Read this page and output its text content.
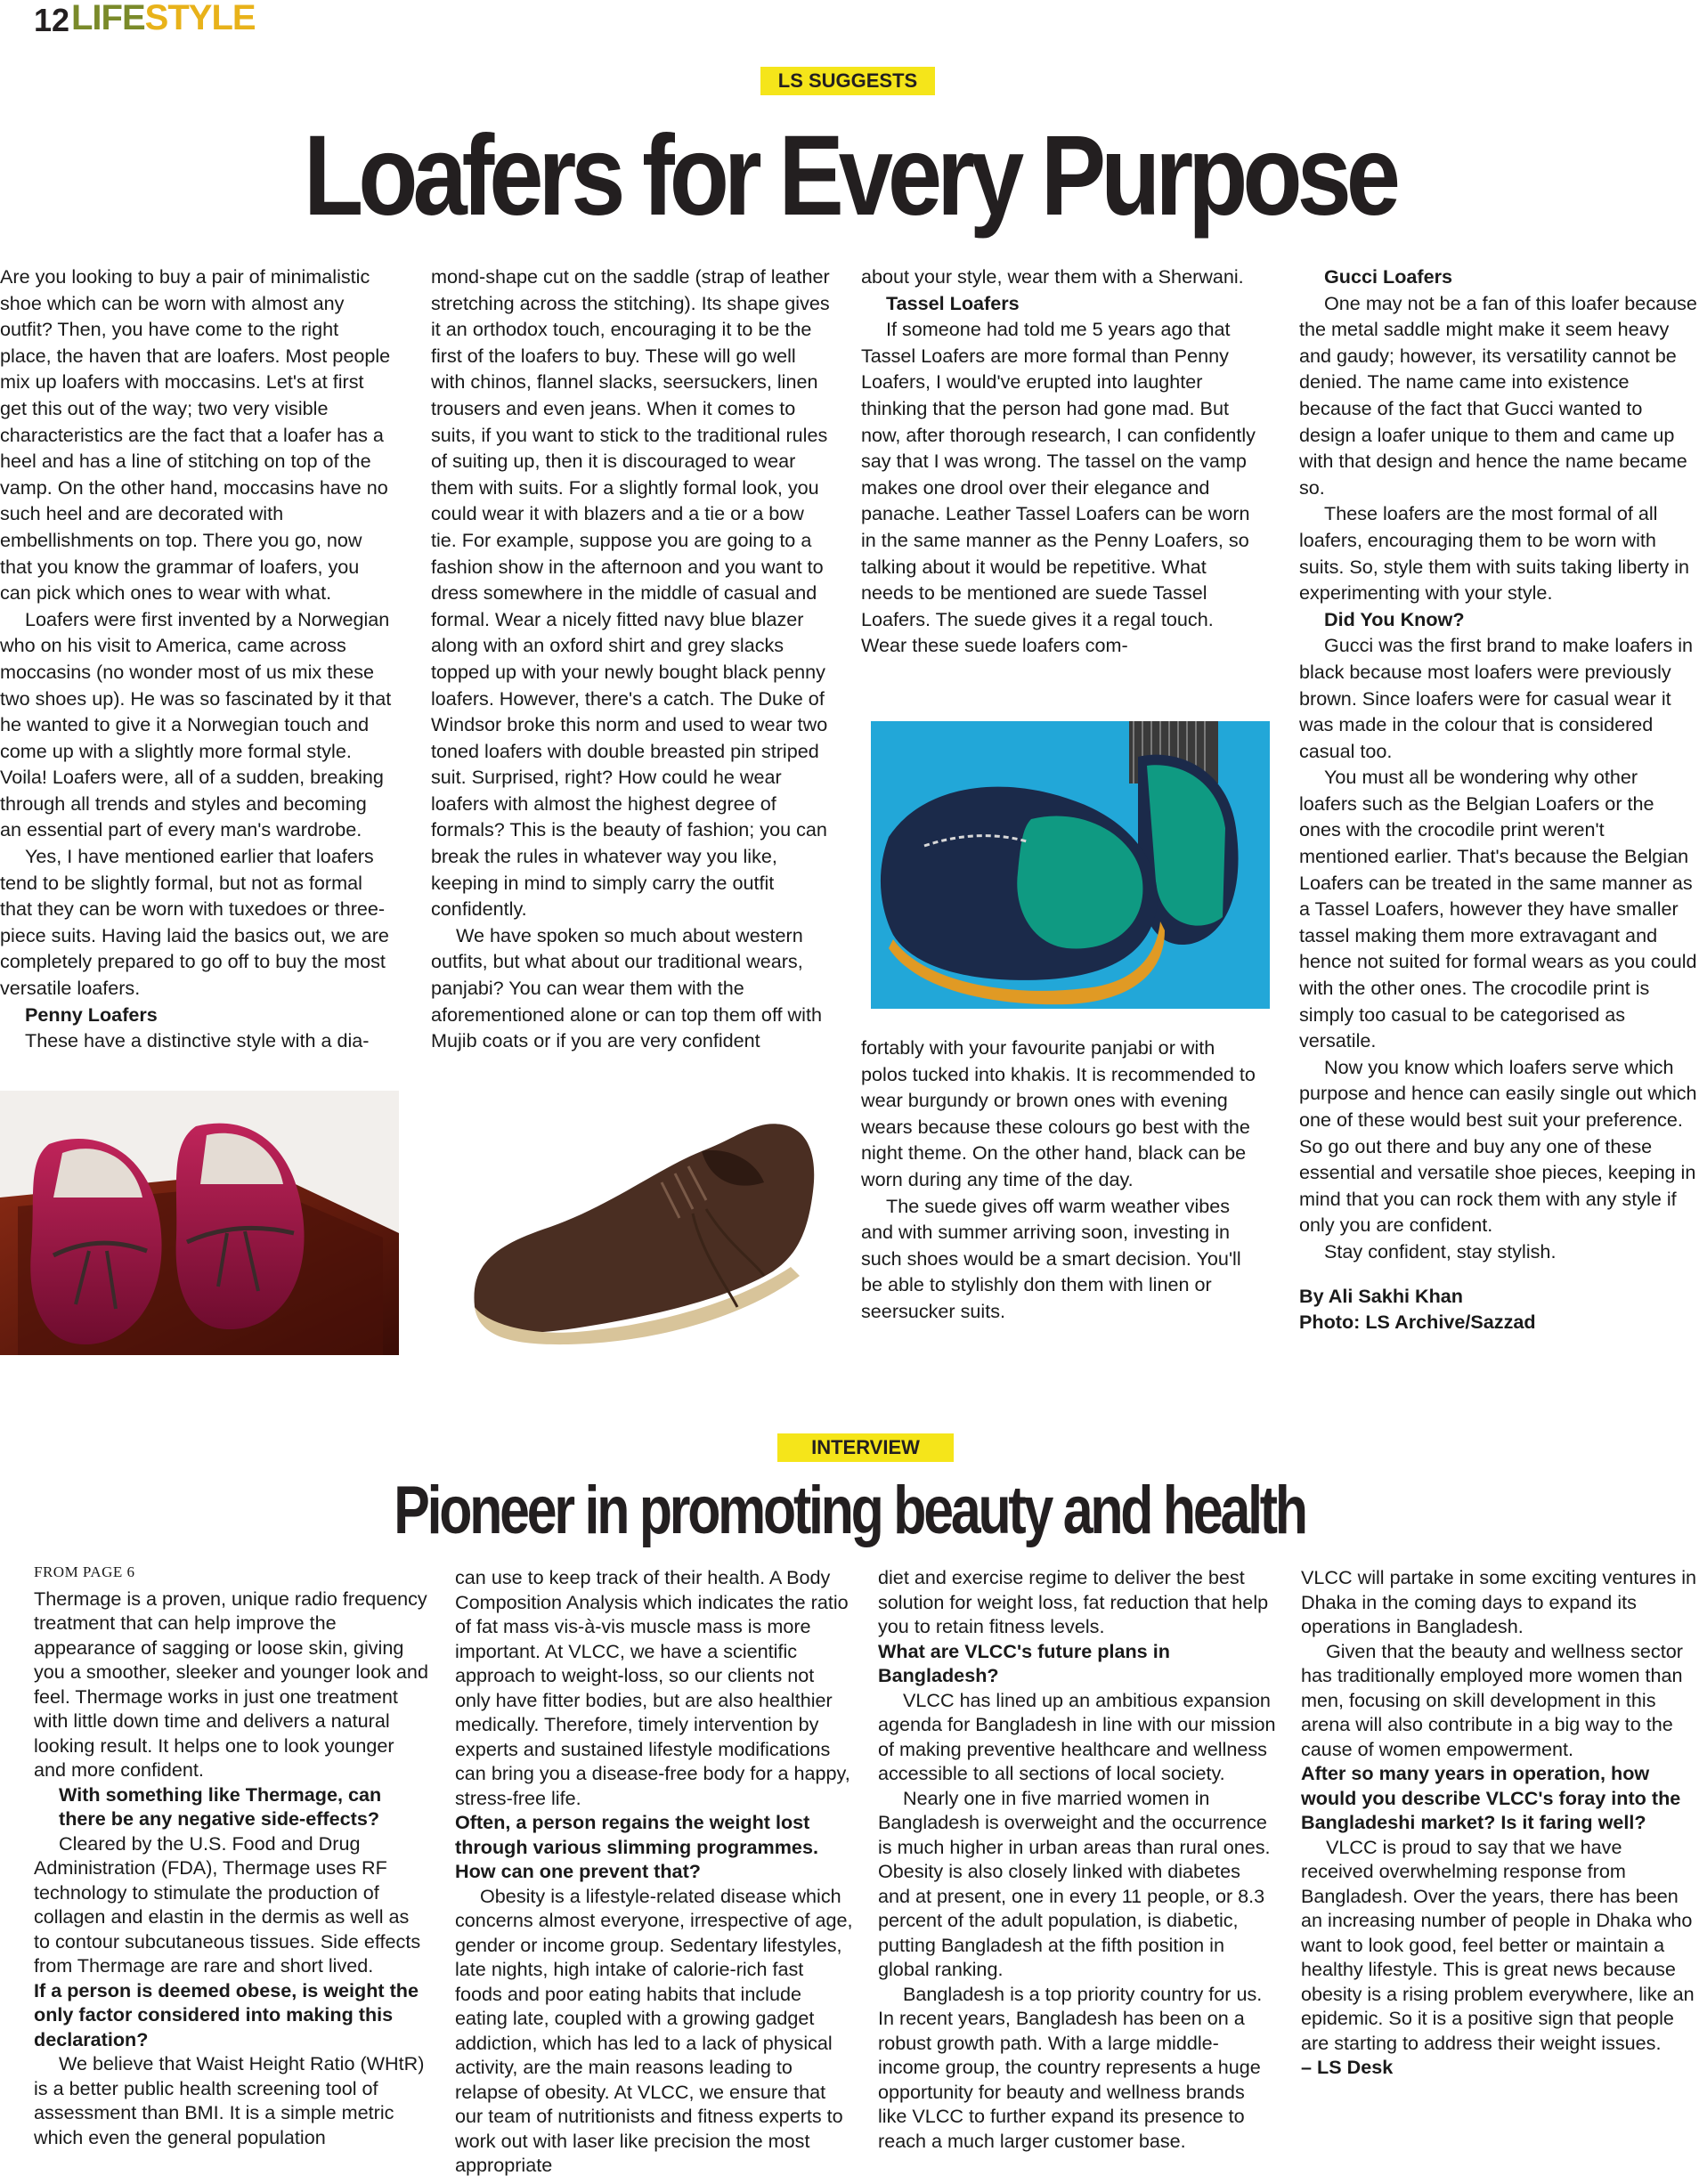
12 LIFESTYLE
LS SUGGESTS
Loafers for Every Purpose

Are you looking to buy a pair of minimalistic shoe which can be worn with almost any outfit? Then, you have come to the right place, the haven that are loafers. Most people mix up loafers with moccasins. Let's at first get this out of the way; two very visible characteristics are the fact that a loafer has a heel and has a line of stitching on top of the vamp. On the other hand, moccasins have no such heel and are decorated with embellishments on top. There you go, now that you know the grammar of loafers, you can pick which ones to wear with what.

Loafers were first invented by a Norwegian who on his visit to America, came across moccasins (no wonder most of us mix these two shoes up). He was so fascinated by it that he wanted to give it a Norwegian touch and come up with a slightly more formal style. Voila! Loafers were, all of a sudden, breaking through all trends and styles and becoming an essential part of every man's wardrobe.

Yes, I have mentioned earlier that loafers tend to be slightly formal, but not as formal that they can be worn with tuxedoes or three-piece suits. Having laid the basics out, we are completely prepared to go off to buy the most versatile loafers.

Penny Loafers

These have a distinctive style with a dia-

mond-shape cut on the saddle (strap of leather stretching across the stitching). Its shape gives it an orthodox touch, encouraging it to be the first of the loafers to buy. These will go well with chinos, flannel slacks, seersuckers, linen trousers and even jeans. When it comes to suits, if you want to stick to the traditional rules of suiting up, then it is discouraged to wear them with suits. For a slightly formal look, you could wear it with blazers and a tie or a bow tie. For example, suppose you are going to a fashion show in the afternoon and you want to dress somewhere in the middle of casual and formal. Wear a nicely fitted navy blue blazer along with an oxford shirt and grey slacks topped up with your newly bought black penny loafers. However, there's a catch. The Duke of Windsor broke this norm and used to wear two toned loafers with double breasted pin striped suit. Surprised, right? How could he wear loafers with almost the highest degree of formals? This is the beauty of fashion; you can break the rules in whatever way you like, keeping in mind to simply carry the outfit confidently.

We have spoken so much about western outfits, but what about our traditional wears, panjabi? You can wear them with the aforementioned alone or can top them off with Mujib coats or if you are very confident

about your style, wear them with a Sherwani.

Tassel Loafers

If someone had told me 5 years ago that Tassel Loafers are more formal than Penny Loafers, I would've erupted into laughter thinking that the person had gone mad. But now, after thorough research, I can confidently say that I was wrong. The tassel on the vamp makes one drool over their elegance and panache. Leather Tassel Loafers can be worn in the same manner as the Penny Loafers, so talking about it would be repetitive. What needs to be mentioned are suede Tassel Loafers. The suede gives it a regal touch. Wear these suede loafers com-

fortably with your favourite panjabi or with polos tucked into khakis. It is recommended to wear burgundy or brown ones with evening wears because these colours go best with the night theme. On the other hand, black can be worn during any time of the day.

The suede gives off warm weather vibes and with summer arriving soon, investing in such shoes would be a smart decision. You'll be able to stylishly don them with linen or seersucker suits.

Gucci Loafers

One may not be a fan of this loafer because the metal saddle might make it seem heavy and gaudy; however, its versatility cannot be denied. The name came into existence because of the fact that Gucci wanted to design a loafer unique to them and came up with that design and hence the name became so.

These loafers are the most formal of all loafers, encouraging them to be worn with suits. So, style them with suits taking liberty in experimenting with your style.

Did You Know?

Gucci was the first brand to make loafers in black because most loafers were previously brown. Since loafers were for casual wear it was made in the colour that is considered casual too.

You must all be wondering why other loafers such as the Belgian Loafers or the ones with the crocodile print weren't mentioned earlier. That's because the Belgian Loafers can be treated in the same manner as a Tassel Loafers, however they have smaller tassel making them more extravagant and hence not suited for formal wears as you could with the other ones. The crocodile print is simply too casual to be categorised as versatile.

Now you know which loafers serve which purpose and hence can easily single out which one of these would best suit your preference. So go out there and buy any one of these essential and versatile shoe pieces, keeping in mind that you can rock them with any style if only you are confident.

Stay confident, stay stylish.

By Ali Sakhi Khan

Photo: LS Archive/Sazzad

INTERVIEW
Pioneer in promoting beauty and health
FROM PAGE 6

Thermage is a proven, unique radio frequency treatment that can help improve the appearance of sagging or loose skin, giving you a smoother, sleeker and younger look and feel. Thermage works in just one treatment with little down time and delivers a natural looking result. It helps one to look younger and more confident.

With something like Thermage, can there be any negative side-effects?

Cleared by the U.S. Food and Drug Administration (FDA), Thermage uses RF technology to stimulate the production of collagen and elastin in the dermis as well as to contour subcutaneous tissues. Side effects from Thermage are rare and short lived.

If a person is deemed obese, is weight the only factor considered into making this declaration?

We believe that Waist Height Ratio (WHtR) is a better public health screening tool of assessment than BMI. It is a simple metric which even the general population

can use to keep track of their health. A Body Composition Analysis which indicates the ratio of fat mass vis-à-vis muscle mass is more important. At VLCC, we have a scientific approach to weight-loss, so our clients not only have fitter bodies, but are also healthier medically. Therefore, timely intervention by experts and sustained lifestyle modifications can bring you a disease-free body for a happy, stress-free life.

Often, a person regains the weight lost through various slimming programmes. How can one prevent that?

Obesity is a lifestyle-related disease which concerns almost everyone, irrespective of age, gender or income group. Sedentary lifestyles, late nights, high intake of calorie-rich fast foods and poor eating habits that include eating late, coupled with a growing gadget addiction, which has led to a lack of physical activity, are the main reasons leading to relapse of obesity. At VLCC, we ensure that our team of nutritionists and fitness experts to work out with laser like precision the most appropriate

diet and exercise regime to deliver the best solution for weight loss, fat reduction that help you to retain fitness levels.

What are VLCC's future plans in Bangladesh?

VLCC has lined up an ambitious expansion agenda for Bangladesh in line with our mission of making preventive healthcare and wellness accessible to all sections of local society.

Nearly one in five married women in Bangladesh is overweight and the occurrence is much higher in urban areas than rural ones. Obesity is also closely linked with diabetes and at present, one in every 11 people, or 8.3 percent of the adult population, is diabetic, putting Bangladesh at the fifth position in global ranking.

Bangladesh is a top priority country for us. In recent years, Bangladesh has been on a robust growth path. With a large middle-income group, the country represents a huge opportunity for beauty and wellness brands like VLCC to further expand its presence to reach a much larger customer base.

VLCC will partake in some exciting ventures in Dhaka in the coming days to expand its operations in Bangladesh.

Given that the beauty and wellness sector has traditionally employed more women than men, focusing on skill development in this arena will also contribute in a big way to the cause of women empowerment.

After so many years in operation, how would you describe VLCC's foray into the Bangladeshi market? Is it faring well?

VLCC is proud to say that we have received overwhelming response from Bangladesh. Over the years, there has been an increasing number of people in Dhaka who want to look good, feel better or maintain a healthy lifestyle. This is great news because obesity is a rising problem everywhere, like an epidemic. So it is a positive sign that people are starting to address their weight issues.

– LS Desk
